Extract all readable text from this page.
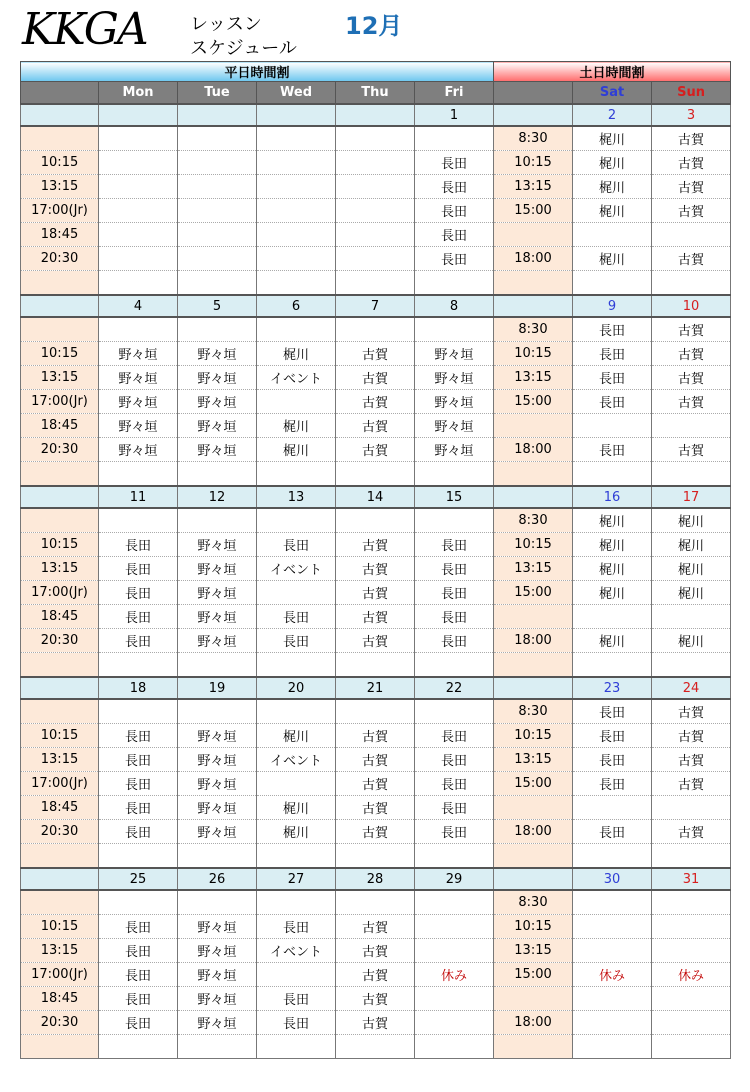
KKGA レッスン
スケジュール
12月
平日時間割						土日時間割		
	Mon	Tue	Wed	Thu	Fri		Sat	Sun
					1		2	3
						8:30	梶川	古賀
10:15					長田	10:15	梶川	古賀
13:15					長田	13:15	梶川	古賀
17:00(Jr)					長田	15:00	梶川	古賀
18:45					長田			
20:30					長田	18:00	梶川	古賀

	4	5	6	7	8		9	10
						8:30	長田	古賀
10:15	野々垣	野々垣	梶川	古賀	野々垣	10:15	長田	古賀
13:15	野々垣	野々垣	イベント	古賀	野々垣	13:15	長田	古賀
17:00(Jr)	野々垣	野々垣		古賀	野々垣	15:00	長田	古賀
18:45	野々垣	野々垣	梶川	古賀	野々垣			
20:30	野々垣	野々垣	梶川	古賀	野々垣	18:00	長田	古賀

	11	12	13	14	15		16	17
						8:30	梶川	梶川
10:15	長田	野々垣	長田	古賀	長田	10:15	梶川	梶川
13:15	長田	野々垣	イベント	古賀	長田	13:15	梶川	梶川
17:00(Jr)	長田	野々垣		古賀	長田	15:00	梶川	梶川
18:45	長田	野々垣	長田	古賀	長田			
20:30	長田	野々垣	長田	古賀	長田	18:00	梶川	梶川

	18	19	20	21	22		23	24
						8:30	長田	古賀
10:15	長田	野々垣	梶川	古賀	長田	10:15	長田	古賀
13:15	長田	野々垣	イベント	古賀	長田	13:15	長田	古賀
17:00(Jr)	長田	野々垣		古賀	長田	15:00	長田	古賀
18:45	長田	野々垣	梶川	古賀	長田			
20:30	長田	野々垣	梶川	古賀	長田	18:00	長田	古賀

	25	26	27	28	29		30	31
						8:30		
10:15	長田	野々垣	長田	古賀		10:15		
13:15	長田	野々垣	イベント	古賀		13:15		
17:00(Jr)	長田	野々垣		古賀	休み	15:00	休み	休み
18:45	長田	野々垣	長田	古賀				
20:30	長田	野々垣	長田	古賀		18:00		
